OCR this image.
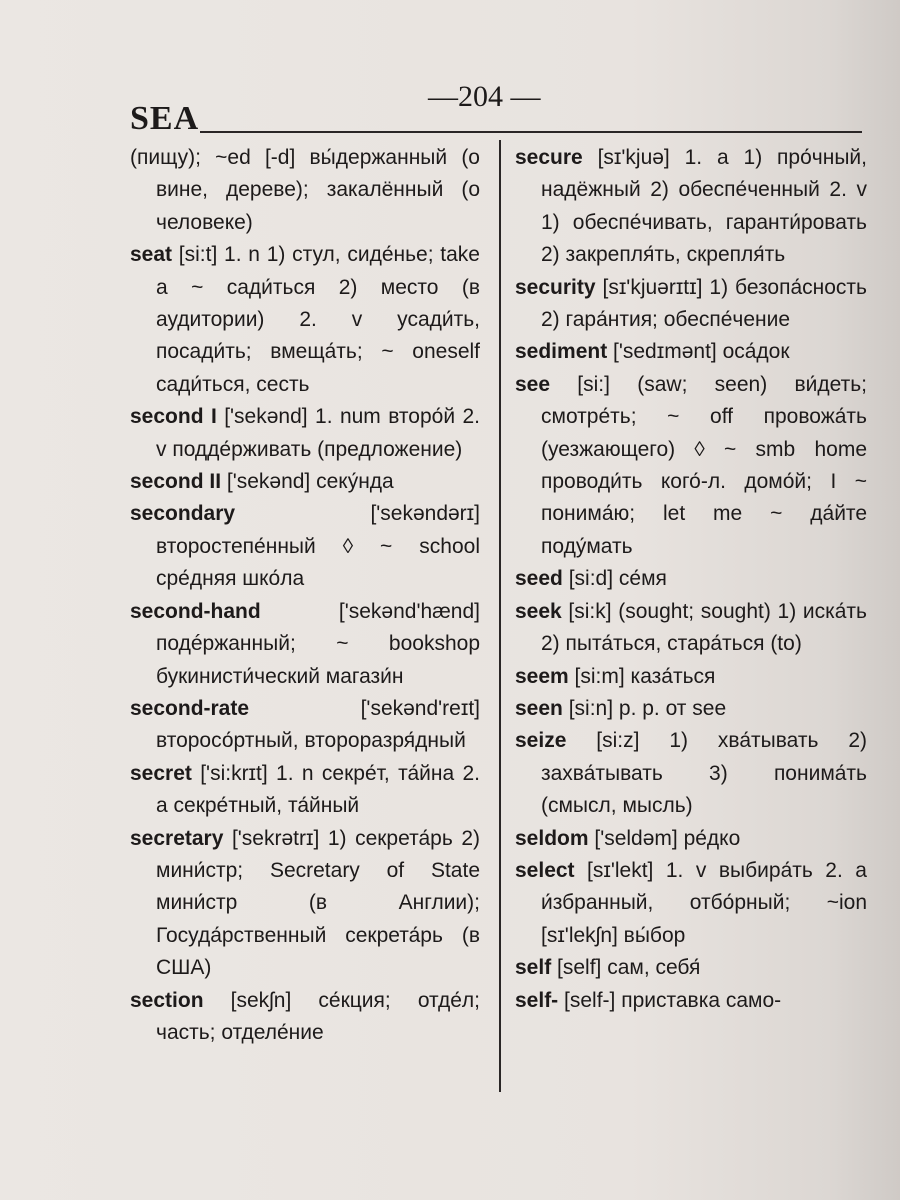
SEA
—204 —

(пищу); ~ed [-d] вы́держанный (о вине, дереве); закалённый (о человеке)

seat [si:t] 1. n 1) стул, сиде́нье; take a ~ сади́ться 2) место (в аудитории) 2. v усади́ть, посади́ть; вмеща́ть; ~ oneself сади́ться, сесть

second I ['sekənd] 1. num второ́й 2. v подде́рживать (предложение)

second II ['sekənd] секу́нда

secondary ['sekəndərɪ] второстепе́нный ◊ ~ school сре́дняя шко́ла

second-hand ['sekənd'hænd] подéржанный; ~ bookshop букинисти́ческий магази́н

second-rate ['sekənd'reɪt] второсо́ртный, второразря́дный

secret ['si:krɪt] 1. n секре́т, та́йна 2. a секре́тный, та́йный

secretary ['sekrətrɪ] 1) секрета́рь 2) мини́стр; Secretary of State мини́стр (в Англии); Госуда́рственный секрета́рь (в США)

section [sekʃn] се́кция; отде́л; часть; отделе́ние

secure [sɪ'kjuə] 1. a 1) про́чный, надёжный 2) обеспе́ченный 2. v 1) обеспе́чивать, гаранти́ровать 2) закрепля́ть, скрепля́ть

security [sɪ'kjuərɪtɪ] 1) безопа́сность 2) гара́нтия; обеспе́чение

sediment ['sedɪmənt] оса́док

see [si:] (saw; seen) ви́деть; смотре́ть; ~ off провожа́ть (уезжающего) ◊ ~ smb home проводи́ть кого́-л. домо́й; I ~ понима́ю; let me ~ да́йте поду́мать

seed [si:d] се́мя

seek [si:k] (sought; sought) 1) иска́ть 2) пыта́ться, стара́ться (to)

seem [si:m] каза́ться

seen [si:n] p. p. от see

seize [si:z] 1) хва́тывать 2) захва́тывать 3) понима́ть (смысл, мысль)

seldom ['seldəm] ре́дко

select [sɪ'lekt] 1. v выбира́ть 2. a и́збранный, отбо́рный; ~ion [sɪ'lekʃn] вы́бор

self [self] сам, себя́

self- [self-] приставка само-
